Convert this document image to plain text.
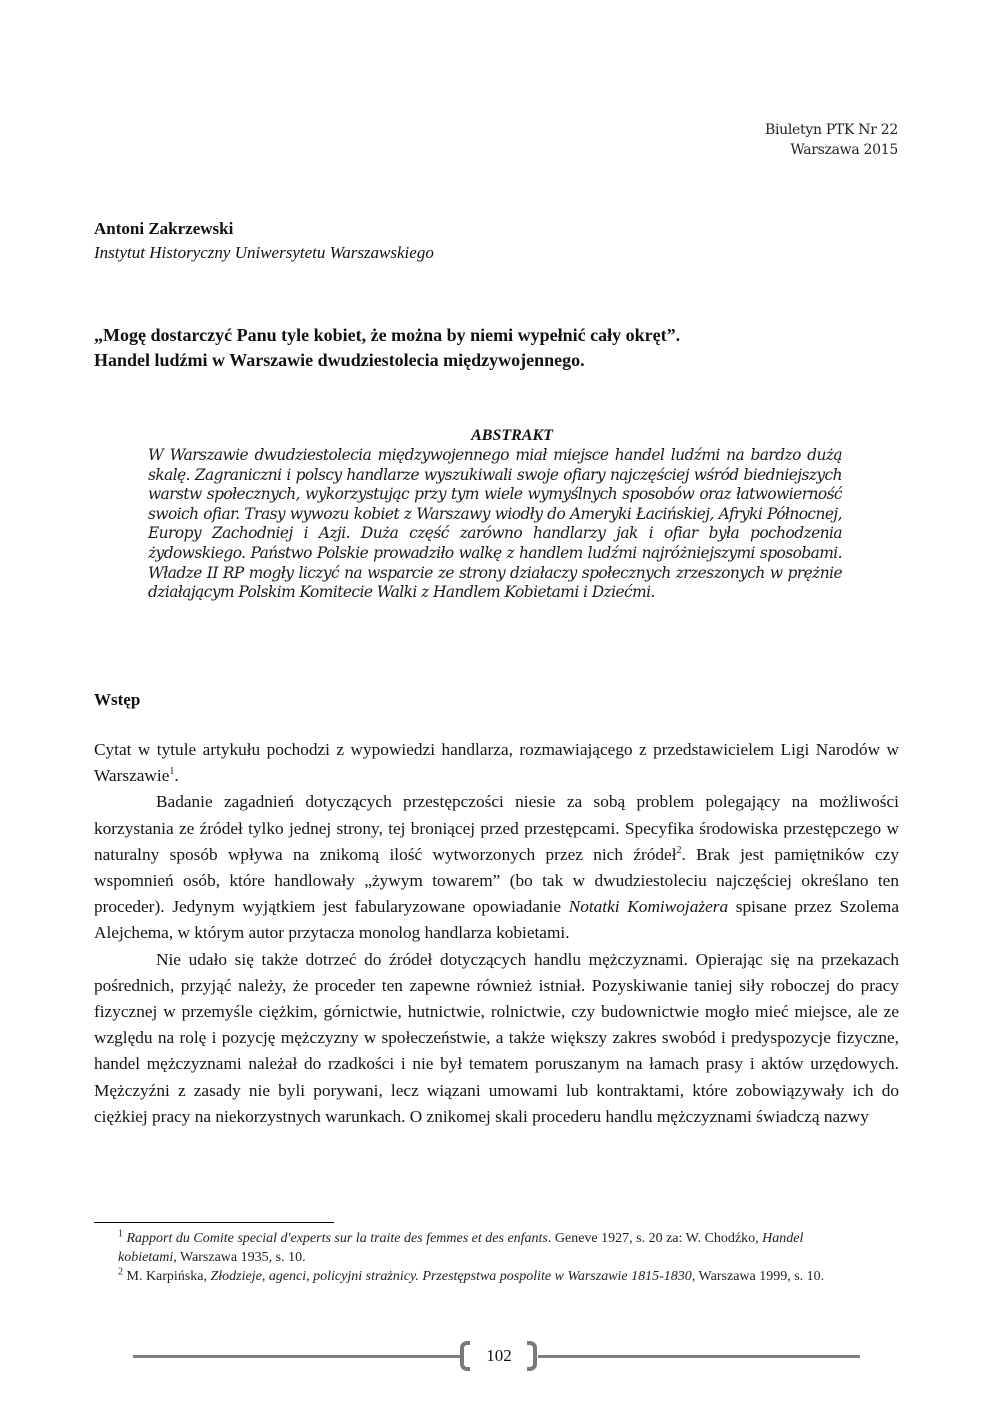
Biuletyn PTK Nr 22
Warszawa 2015
Antoni Zakrzewski
Instytut Historyczny Uniwersytetu Warszawskiego
„Mogę dostarczyć Panu tyle kobiet, że można by niemi wypełnić cały okręt”.
Handel ludźmi w Warszawie dwudziestolecia międzywojennego.
ABSTRAKT
W Warszawie dwudziestolecia międzywojennego miał miejsce handel ludźmi na bardzo dużą skalę. Zagraniczni i polscy handlarze wyszukiwali swoje ofiary najczęściej wśród biedniejszych warstw społecznych, wykorzystując przy tym wiele wymyślnych sposobów oraz łatwowierność swoich ofiar. Trasy wywozu kobiet z Warszawy wiodły do Ameryki Łacińskiej, Afryki Północnej, Europy Zachodniej i Azji. Duża część zarówno handlarzy jak i ofiar była pochodzenia żydowskiego. Państwo Polskie prowadziło walkę z handlem ludźmi najróżniejszymi sposobami. Władze II RP mogły liczyć na wsparcie ze strony działaczy społecznych zrzeszonych w prężnie działającym Polskim Komitecie Walki z Handlem Kobietami i Dziećmi.
Wstęp

Cytat w tytule artykułu pochodzi z wypowiedzi handlarza, rozmawiającego z przedstawicielem Ligi Narodów w Warszawie$^1$.

Badanie zagadnień dotyczących przestępczości niesie za sobą problem polegający na możliwości korzystania ze źródeł tylko jednej strony, tej broniącej przed przestępcami. Specyfika środowiska przestępczego w naturalny sposób wpływa na znikomą ilość wytworzonych przez nich źródeł$^2$. Brak jest pamiętników czy wspomnień osób, które handlowały „żywym towarem” (bo tak w dwudziestoleciu najczęściej określano ten proceder). Jedynym wyjątkiem jest fabularyzowane opowiadanie Notatki Komiwojażera spisane przez Szolema Alejchema, w którym autor przytacza monolog handlarza kobietami.

Nie udało się także dotrzeć do źródeł dotyczących handlu mężczyznami. Opierając się na przekazach pośrednich, przyjąć należy, że proceder ten zapewne również istniał. Pozyskiwanie taniej siły roboczej do pracy fizycznej w przemyśle ciężkim, górnictwie, hutnictwie, rolnictwie, czy budownictwie mogło mieć miejsce, ale ze względu na rolę i pozycję mężczyzny w społeczeństwie, a także większy zakres swobód i predyspozycje fizyczne, handel mężczyznami należał do rzadkości i nie był tematem poruszanym na łamach prasy i aktów urzędowych. Mężczyźni z zasady nie byli porywani, lecz wiązani umowami lub kontraktami, które zobowiązywały ich do ciężkiej pracy na niekorzystnych warunkach. O znikomej skali procederu handlu mężczyznami świadczą nazwy

$^1$ Rapport du Comite special d'experts sur la traite des femmes et des enfants. Geneve 1927, s. 20 za: W. Chodźko, Handel kobietami, Warszawa 1935, s. 10.

$^2$ M. Karpińska, Złodzieje, agenci, policyjni strażnicy. Przestępstwa pospolite w Warszawie 1815-1830, Warszawa 1999, s. 10.

102
